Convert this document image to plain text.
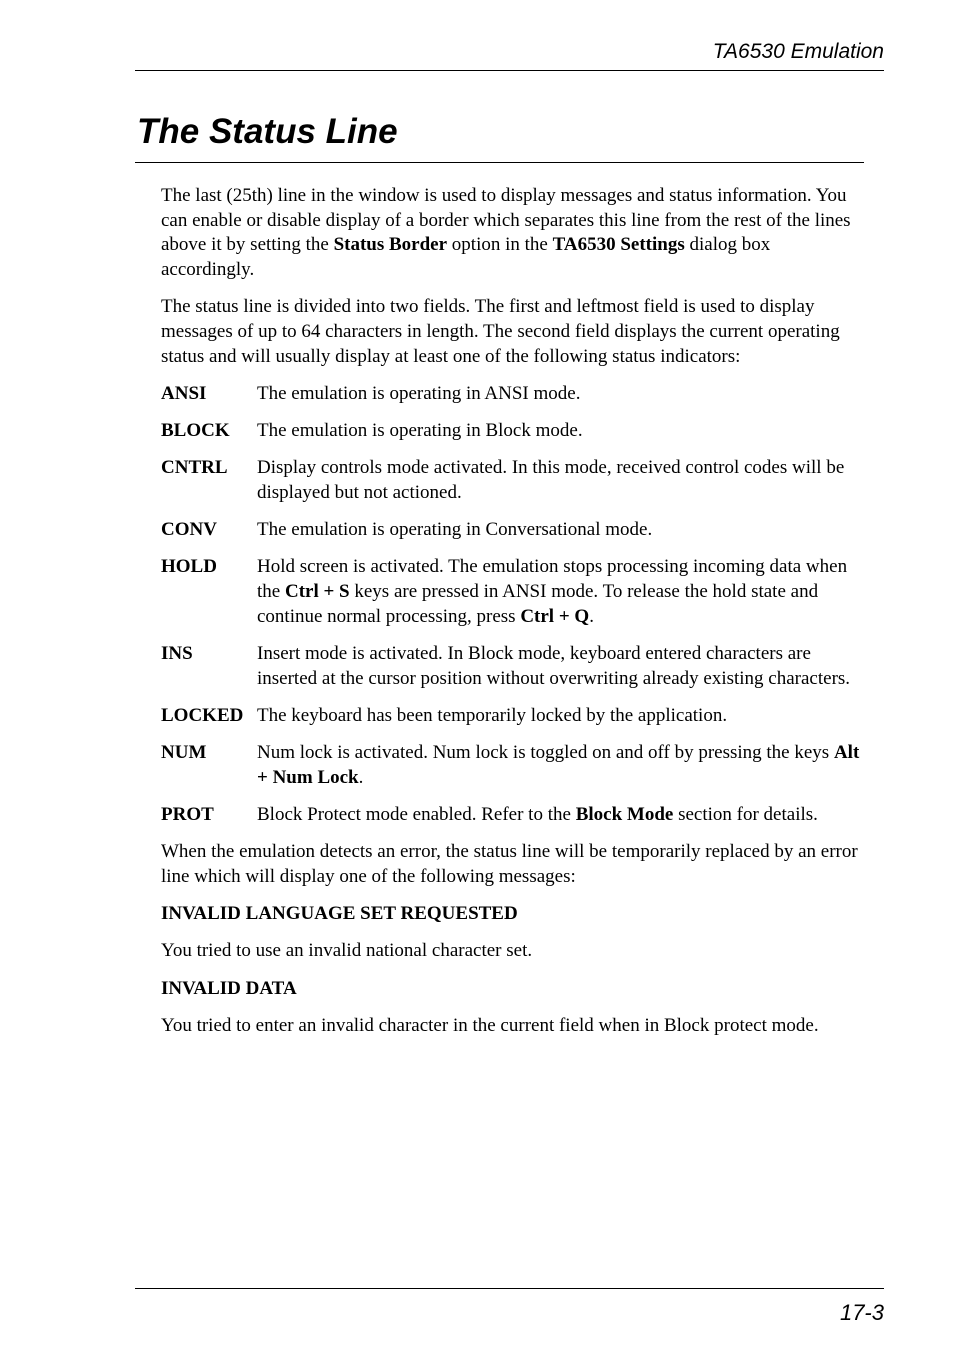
TA6530 Emulation
The Status Line

The last (25th) line in the window is used to display messages and status information. You can enable or disable display of a border which separates this line from the rest of the lines above it by setting the Status Border option in the TA6530 Settings dialog box accordingly.

The status line is divided into two fields. The first and leftmost field is used to display messages of up to 64 characters in length. The second field displays the current operating status and will usually display at least one of the following status indicators:

ANSI	The emulation is operating in ANSI mode.
BLOCK	The emulation is operating in Block mode.
CNTRL	Display controls mode activated. In this mode, received control codes will be displayed but not actioned.
CONV	The emulation is operating in Conversational mode.
HOLD	Hold screen is activated. The emulation stops processing incoming data when the Ctrl + S keys are pressed in ANSI mode. To release the hold state and continue normal processing, press Ctrl + Q.
INS	Insert mode is activated. In Block mode, keyboard entered characters are inserted at the cursor position without overwriting already existing characters.
LOCKED The keyboard has been temporarily locked by the application.
NUM	Num lock is activated. Num lock is toggled on and off by pressing the keys Alt + Num Lock.
PROT	Block Protect mode enabled. Refer to the Block Mode section for details.

When the emulation detects an error, the status line will be temporarily replaced by an error line which will display one of the following messages:

INVALID LANGUAGE SET REQUESTED

You tried to use an invalid national character set.

INVALID DATA

You tried to enter an invalid character in the current field when in Block protect mode.

17-3
